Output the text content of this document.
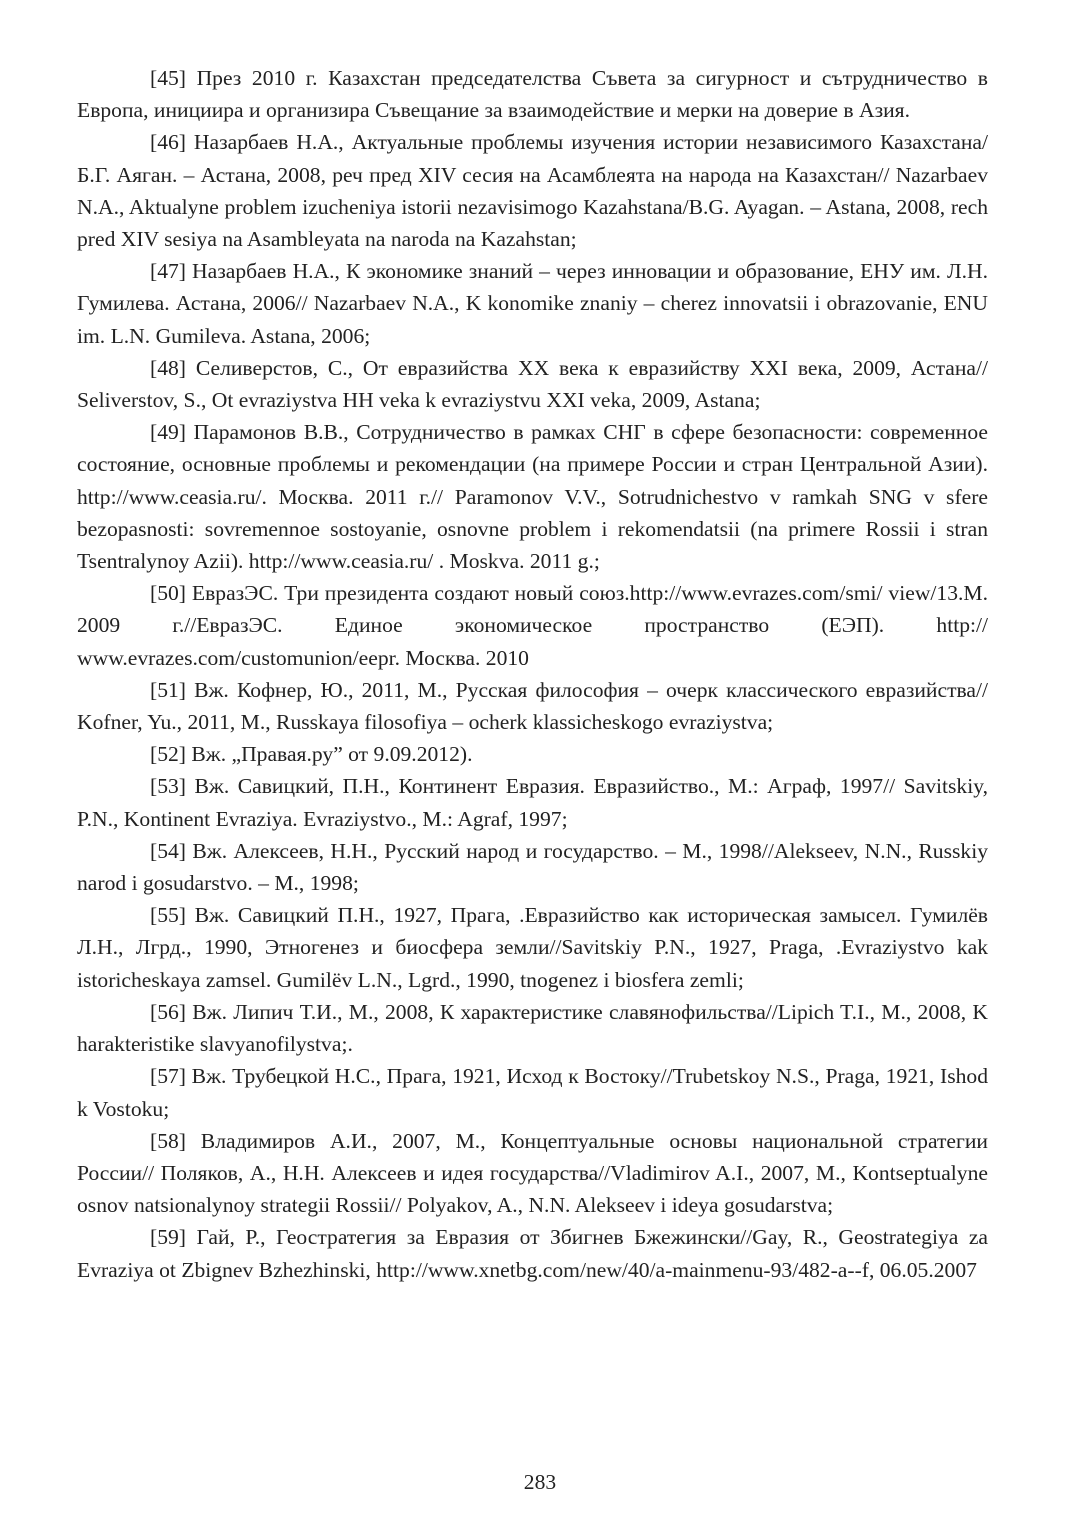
[45] През 2010 г. Казахстан председателства Съвета за сигурност и сътрудничество в Европа, инициира и организира Съвещание за взаимодействие и мерки на доверие в Азия.

[46] Назарбаев Н.А., Актуальные проблемы изучения истории независимого Казахстана/Б.Г. Аяган. – Астана, 2008, реч пред XIV сесия на Асамблеята на народа на Казахстан// Nazarbaev N.A., Aktualyne problem izucheniya istorii nezavisimogo Kazahstana/B.G. Ayagan. – Astana, 2008, rech pred XIV sesiya na Asambleyata na naroda na Kazahstan;

[47] Назарбаев Н.А., К экономике знаний – через инновации и образование, ЕНУ им. Л.Н. Гумилева. Астана, 2006// Nazarbaev N.A., K konomike znaniy – cherez innovatsii i obrazovanie, ENU im. L.N. Gumileva. Astana, 2006;

[48] Селиверстов, С., От евразийства ХХ века к евразийству XXI века, 2009, Астана// Seliverstov, S., Ot evraziystva HH veka k evraziystvu XXI veka, 2009, Astana;

[49] Парамонов В.В., Сотрудничество в рамках СНГ в сфере безопасности: современное состояние, основные проблемы и рекомендации (на примере России и стран Центральной Азии). http://www.ceasia.ru/. Москва. 2011 г.// Paramonov V.V., Sotrudnichestvo v ramkah SNG v sfere bezopasnosti: sovremennoe sostoyanie, osnovne problem i rekomendatsii (na primere Rossii i stran Tsentralynoy Azii). http://www.ceasia.ru/ . Moskva. 2011 g.;

[50] ЕвразЭС. Три президента создают новый союз.http://www.evrazes.com/smi/ view/13.М. 2009 г.//ЕвразЭС. Единое экономическое пространство (ЕЭП). http:// www.evrazes.com/customunion/eepr. Москва. 2010

[51] Вж. Кофнер, Ю., 2011, М., Русская философия – очерк классического евразийства// Kofner, Yu., 2011, M., Russkaya filosofiya – ocherk klassicheskogo evraziystva;

[52] Вж. „Правая.ру” от 9.09.2012).

[53] Вж. Савицкий, П.Н., Континент Евразия. Евразийство., М.: Аграф, 1997// Savitskiy, P.N., Kontinent Evraziya. Evraziystvo., M.: Agraf, 1997;

[54] Вж. Алексеев, Н.Н., Русский народ и государство. – М., 1998//Alekseev, N.N., Russkiy narod i gosudarstvo. – M., 1998;

[55] Вж. Савицкий П.Н., 1927, Прага, .Евразийство как историческая замысел. Гумилёв Л.Н., Лгрд., 1990, Этногенез и биосфера земли//Savitskiy P.N., 1927, Praga, .Evraziystvo kak istoricheskaya zamsel. Gumilëv L.N., Lgrd., 1990, tnogenez i biosfera zemli;

[56] Вж. Липич Т.И., М., 2008, К характеристике славянофильства//Lipich T.I., M., 2008, K harakteristike slavyanofilystva;.

[57] Вж. Трубецкой Н.С., Прага, 1921, Исход к Востоку//Trubetskoy N.S., Praga, 1921, Ishod k Vostoku;

[58] Владимиров А.И., 2007, М., Концептуальные основы национальной стратегии России// Поляков, А., Н.Н. Алексеев и идея государства//Vladimirov A.I., 2007, M., Kontseptualyne osnov natsionalynoy strategii Rossii// Polyakov, A., N.N. Alekseev i ideya gosudarstva;

[59] Гай, Р., Геостратегия за Евразия от Збигнев Бжежински//Gay, R., Geostrategiya za Evraziya ot Zbignev Bzhezhinski, http://www.xnetbg.com/new/40/a-mainmenu-93/482-a--f, 06.05.2007

283
